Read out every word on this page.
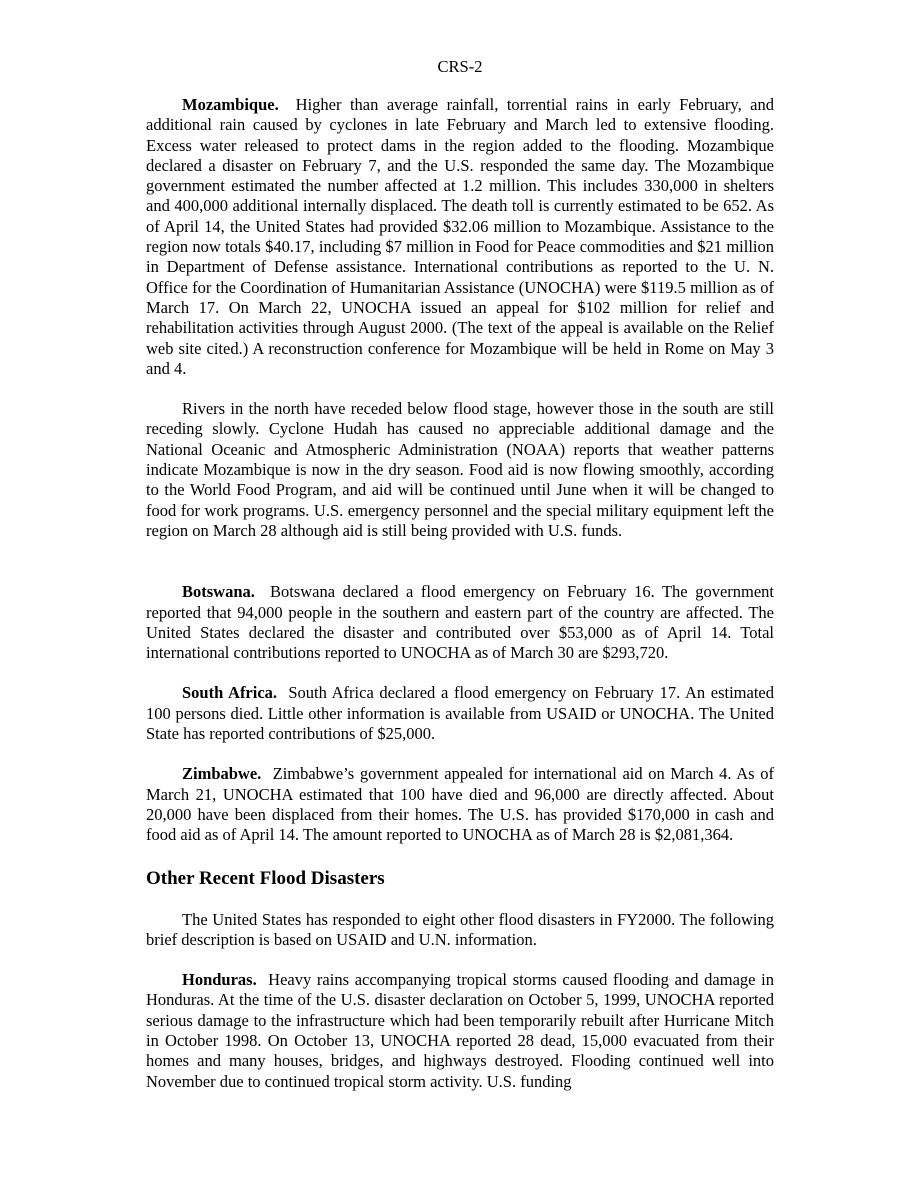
CRS-2

Mozambique. Higher than average rainfall, torrential rains in early February, and additional rain caused by cyclones in late February and March led to extensive flooding. Excess water released to protect dams in the region added to the flooding. Mozambique declared a disaster on February 7, and the U.S. responded the same day. The Mozambique government estimated the number affected at 1.2 million. This includes 330,000 in shelters and 400,000 additional internally displaced. The death toll is currently estimated to be 652. As of April 14, the United States had provided $32.06 million to Mozambique. Assistance to the region now totals $40.17, including $7 million in Food for Peace commodities and $21 million in Department of Defense assistance. International contributions as reported to the U. N. Office for the Coordination of Humanitarian Assistance (UNOCHA) were $119.5 million as of March 17. On March 22, UNOCHA issued an appeal for $102 million for relief and rehabilitation activities through August 2000. (The text of the appeal is available on the Relief web site cited.) A reconstruction conference for Mozambique will be held in Rome on May 3 and 4.

Rivers in the north have receded below flood stage, however those in the south are still receding slowly. Cyclone Hudah has caused no appreciable additional damage and the National Oceanic and Atmospheric Administration (NOAA) reports that weather patterns indicate Mozambique is now in the dry season. Food aid is now flowing smoothly, according to the World Food Program, and aid will be continued until June when it will be changed to food for work programs. U.S. emergency personnel and the special military equipment left the region on March 28 although aid is still being provided with U.S. funds.

Botswana. Botswana declared a flood emergency on February 16. The government reported that 94,000 people in the southern and eastern part of the country are affected. The United States declared the disaster and contributed over $53,000 as of April 14. Total international contributions reported to UNOCHA as of March 30 are $293,720.

South Africa. South Africa declared a flood emergency on February 17. An estimated 100 persons died. Little other information is available from USAID or UNOCHA. The United State has reported contributions of $25,000.

Zimbabwe. Zimbabwe’s government appealed for international aid on March 4. As of March 21, UNOCHA estimated that 100 have died and 96,000 are directly affected. About 20,000 have been displaced from their homes. The U.S. has provided $170,000 in cash and food aid as of April 14. The amount reported to UNOCHA as of March 28 is $2,081,364.

Other Recent Flood Disasters

The United States has responded to eight other flood disasters in FY2000. The following brief description is based on USAID and U.N. information.

Honduras. Heavy rains accompanying tropical storms caused flooding and damage in Honduras. At the time of the U.S. disaster declaration on October 5, 1999, UNOCHA reported serious damage to the infrastructure which had been temporarily rebuilt after Hurricane Mitch in October 1998. On October 13, UNOCHA reported 28 dead, 15,000 evacuated from their homes and many houses, bridges, and highways destroyed. Flooding continued well into November due to continued tropical storm activity. U.S. funding
